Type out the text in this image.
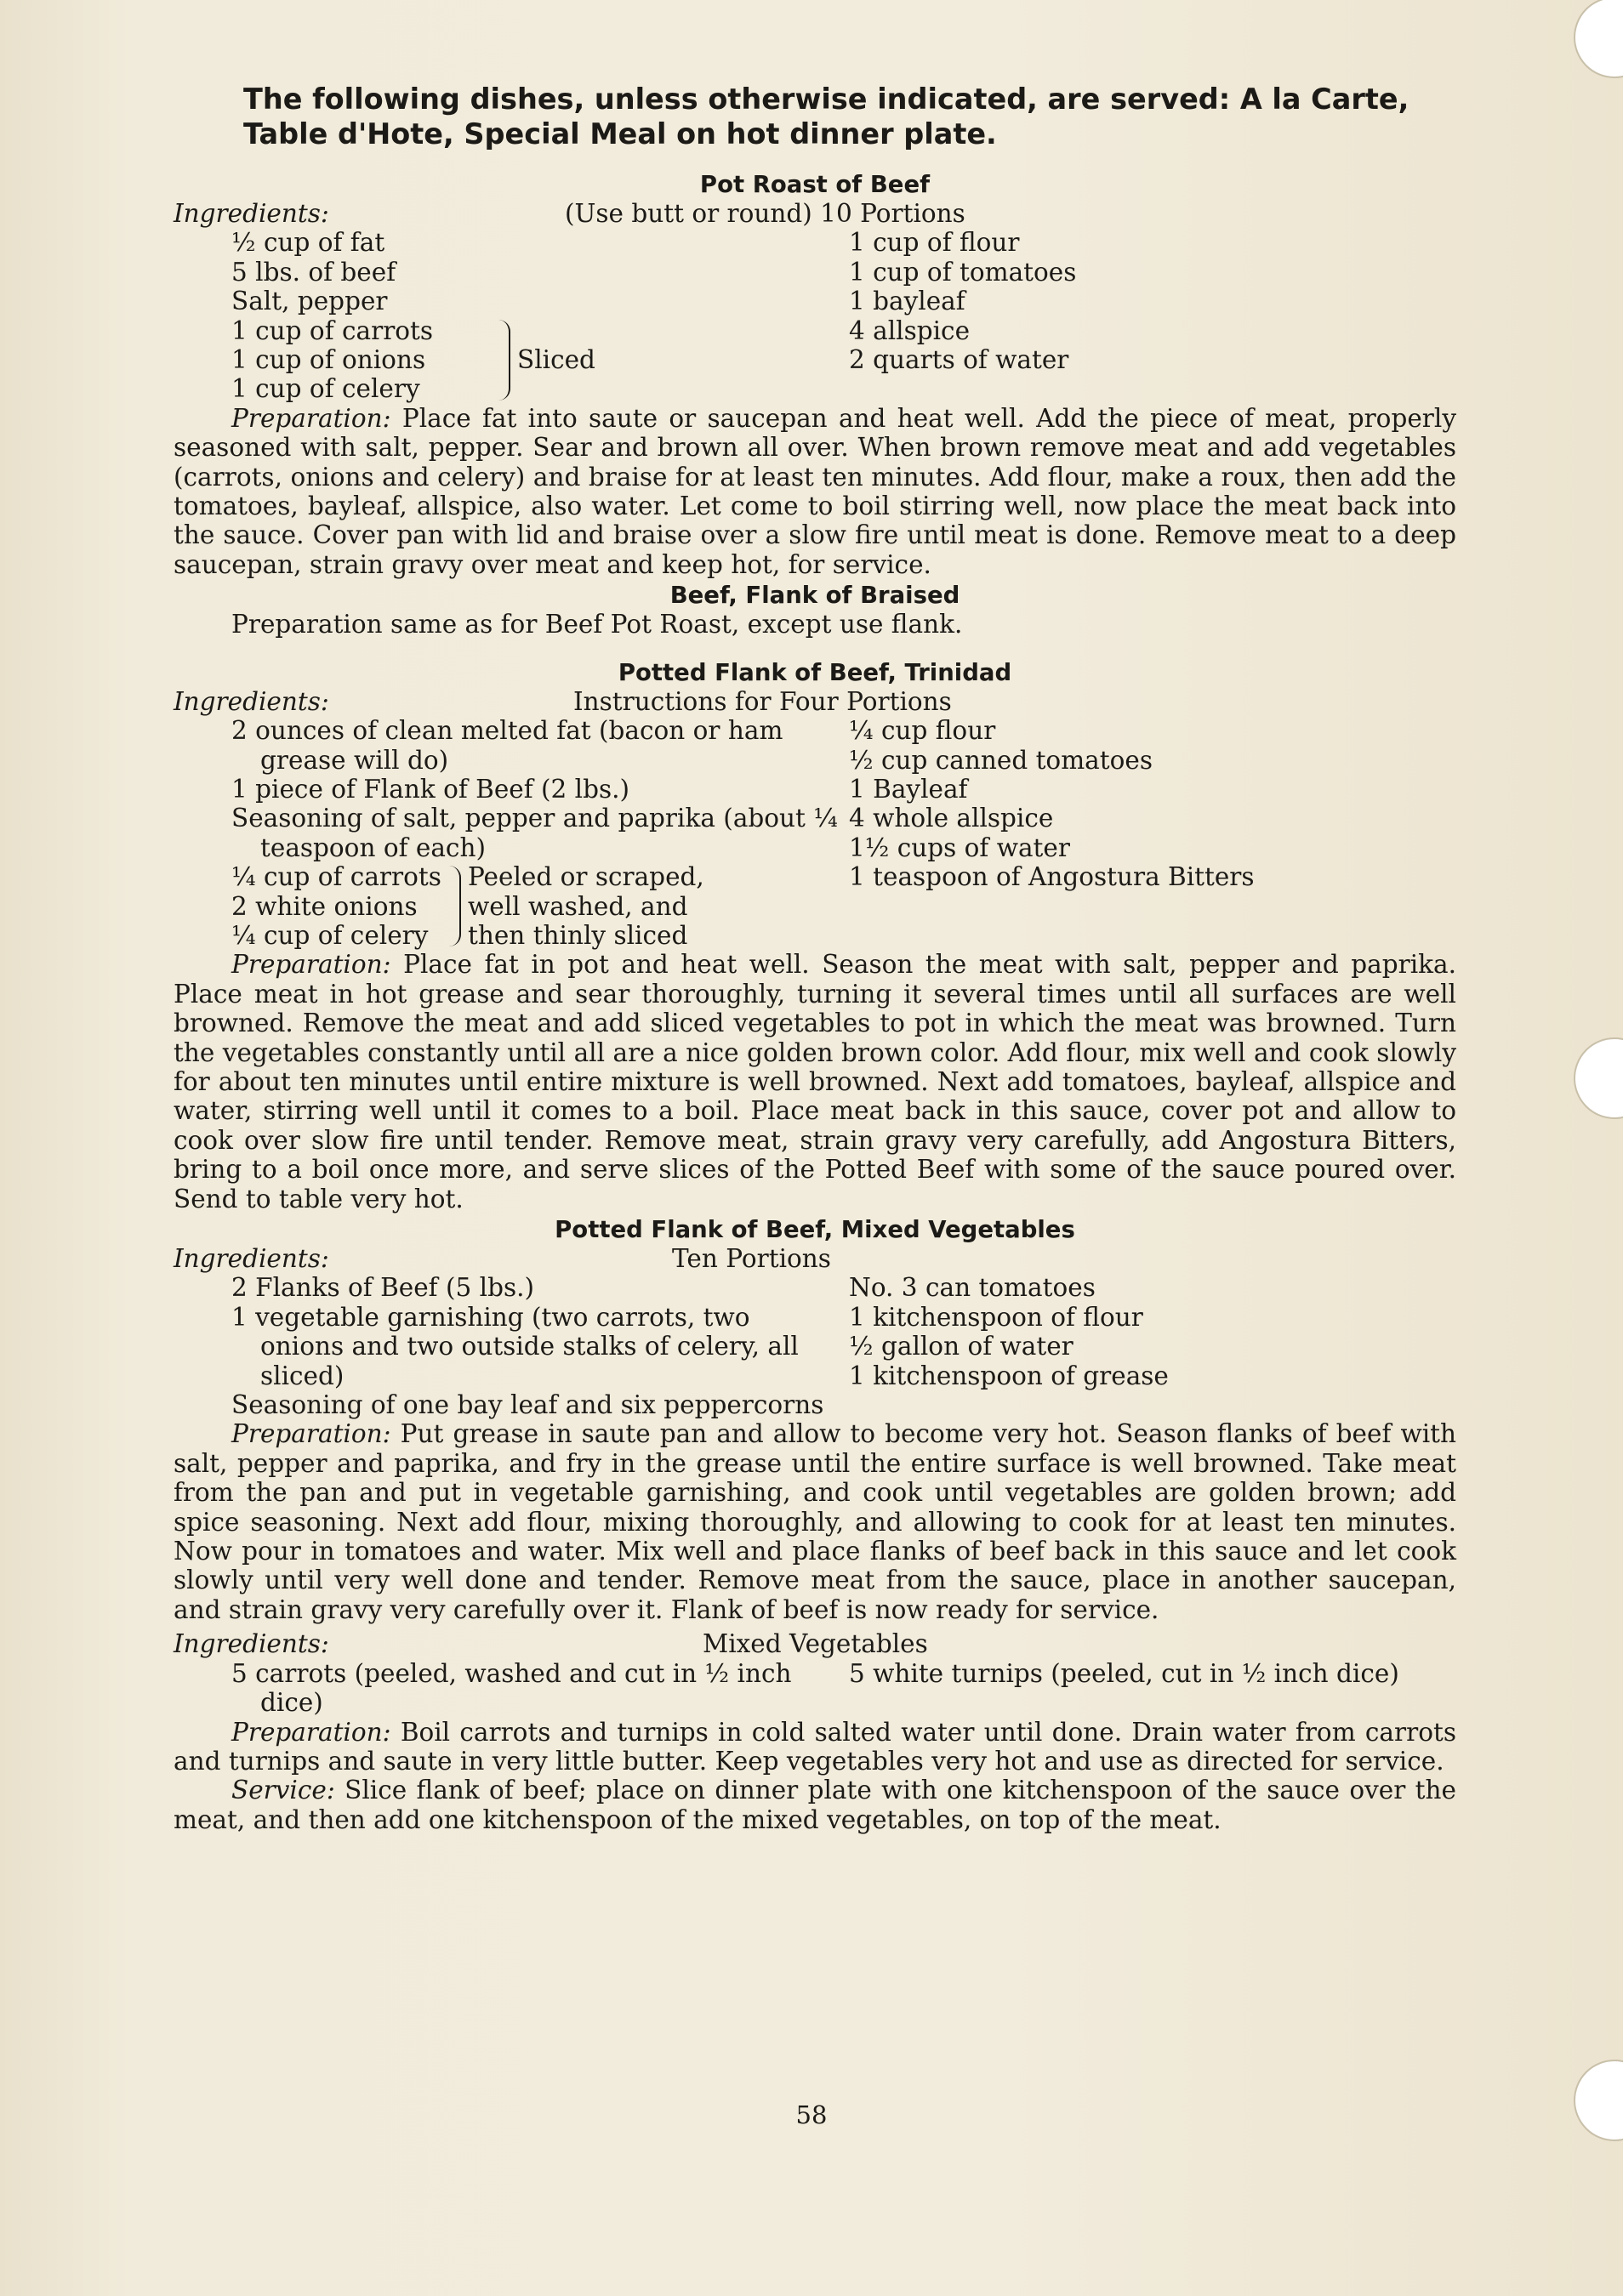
The following dishes, unless otherwise indicated, are served: A la Carte, Table d'Hote, Special Meal on hot dinner plate.
Pot Roast of Beef
Ingredients:
½ cup of fat
5 lbs. of beef
Salt, pepper
1 cup of carrots
1 cup of onions
1 cup of celery
Sliced
(Use butt or round) 10 Portions
1 cup of flour
1 cup of tomatoes
1 bayleaf
4 allspice
2 quarts of water

Preparation: Place fat into saute or saucepan and heat well. Add the piece of meat, properly seasoned with salt, pepper. Sear and brown all over. When brown remove meat and add vegetables (carrots, onions and celery) and braise for at least ten minutes. Add flour, make a roux, then add the tomatoes, bayleaf, allspice, also water. Let come to boil stirring well, now place the meat back into the sauce. Cover pan with lid and braise over a slow fire until meat is done. Remove meat to a deep saucepan, strain gravy over meat and keep hot, for service.

Beef, Flank of Braised
Preparation same as for Beef Pot Roast, except use flank.
Potted Flank of Beef, Trinidad
Ingredients:
2 ounces of clean melted fat (bacon or ham grease will do)
1 piece of Flank of Beef (2 lbs.)
Seasoning of salt, pepper and paprika (about ¼ teaspoon of each)
¼ cup of carrots
2 white onions
¼ cup of celery
Peeled or scraped, well washed, and then thinly sliced
Instructions for Four Portions
¼ cup flour
½ cup canned tomatoes
1 Bayleaf
4 whole allspice
1½ cups of water
1 teaspoon of Angostura Bitters

Preparation: Place fat in pot and heat well. Season the meat with salt, pepper and paprika. Place meat in hot grease and sear thoroughly, turning it several times until all surfaces are well browned. Remove the meat and add sliced vegetables to pot in which the meat was browned. Turn the vegetables constantly until all are a nice golden brown color. Add flour, mix well and cook slowly for about ten minutes until entire mixture is well browned. Next add tomatoes, bayleaf, allspice and water, stirring well until it comes to a boil. Place meat back in this sauce, cover pot and allow to cook over slow fire until tender. Remove meat, strain gravy very carefully, add Angostura Bitters, bring to a boil once more, and serve slices of the Potted Beef with some of the sauce poured over. Send to table very hot.

Potted Flank of Beef, Mixed Vegetables
Ingredients:
2 Flanks of Beef (5 lbs.)
1 vegetable garnishing (two carrots, two onions and two outside stalks of celery, all sliced)
Seasoning of one bay leaf and six peppercorns
Ten Portions
No. 3 can tomatoes
1 kitchenspoon of flour
½ gallon of water
1 kitchenspoon of grease

Preparation: Put grease in saute pan and allow to become very hot. Season flanks of beef with salt, pepper and paprika, and fry in the grease until the entire surface is well browned. Take meat from the pan and put in vegetable garnishing, and cook until vegetables are golden brown; add spice seasoning. Next add flour, mixing thoroughly, and allowing to cook for at least ten minutes. Now pour in tomatoes and water. Mix well and place flanks of beef back in this sauce and let cook slowly until very well done and tender. Remove meat from the sauce, place in another saucepan, and strain gravy very carefully over it. Flank of beef is now ready for service.

Ingredients:
5 carrots (peeled, washed and cut in ½ inch dice)
Mixed Vegetables
5 white turnips (peeled, cut in ½ inch dice)

Preparation: Boil carrots and turnips in cold salted water until done. Drain water from carrots and turnips and saute in very little butter. Keep vegetables very hot and use as directed for service.

Service: Slice flank of beef; place on dinner plate with one kitchenspoon of the sauce over the meat, and then add one kitchenspoon of the mixed vegetables, on top of the meat.

58
